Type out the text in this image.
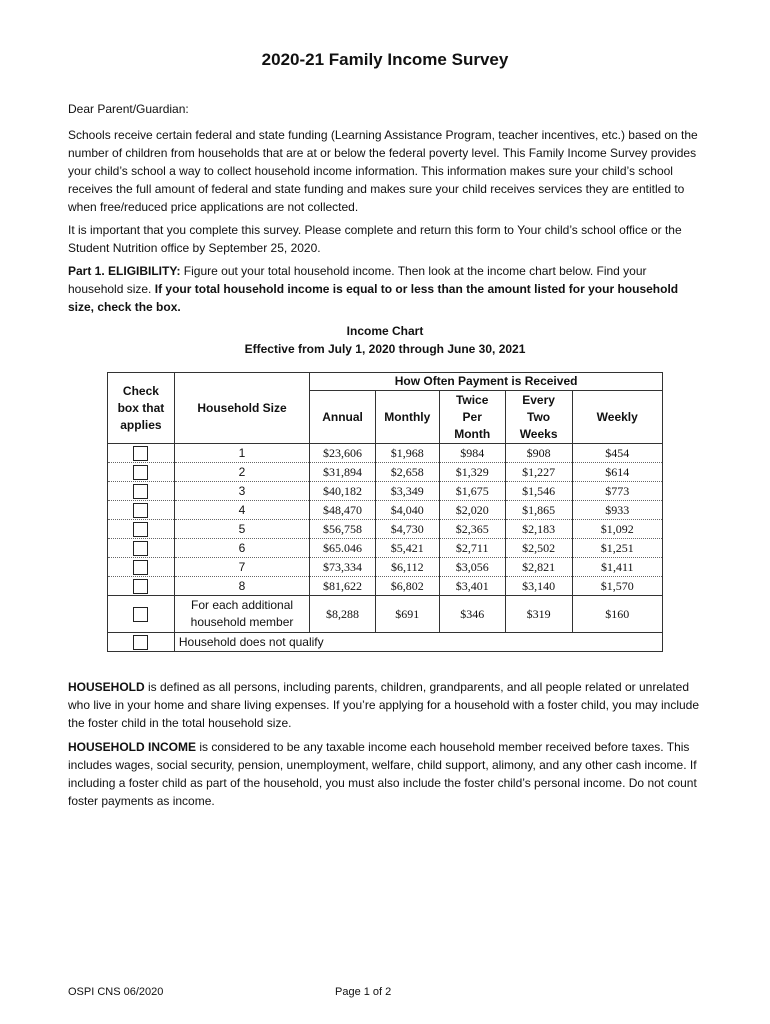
2020-21 Family Income Survey
Dear Parent/Guardian:
Schools receive certain federal and state funding (Learning Assistance Program, teacher incentives, etc.) based on the number of children from households that are at or below the federal poverty level. This Family Income Survey provides your child’s school a way to collect household income information. This information makes sure your child’s school receives the full amount of federal and state funding and makes sure your child receives services they are entitled to when free/reduced price applications are not collected.
It is important that you complete this survey. Please complete and return this form to Your child’s school office or the Student Nutrition office by September 25, 2020.
Part 1. ELIGIBILITY: Figure out your total household income. Then look at the income chart below. Find your household size. If your total household income is equal to or less than the amount listed for your household size, check the box.
Income Chart
Effective from July 1, 2020 through June 30, 2021
Check box that applies	Household Size	How Often Payment is Received				
		Annual	Monthly	Twice Per Month	Every Two Weeks	Weekly
	1	$23,606	$1,968	$984	$908	$454
	2	$31,894	$2,658	$1,329	$1,227	$614
	3	$40,182	$3,349	$1,675	$1,546	$773
	4	$48,470	$4,040	$2,020	$1,865	$933
	5	$56,758	$4,730	$2,365	$2,183	$1,092
	6	$65.046	$5,421	$2,711	$2,502	$1,251
	7	$73,334	$6,112	$3,056	$2,821	$1,411
	8	$81,622	$6,802	$3,401	$3,140	$1,570
	For each additional household member	$8,288	$691	$346	$319	$160
	Household does not qualify					
HOUSEHOLD is defined as all persons, including parents, children, grandparents, and all people related or unrelated who live in your home and share living expenses. If you’re applying for a household with a foster child, you may include the foster child in the total household size.
HOUSEHOLD INCOME is considered to be any taxable income each household member received before taxes. This includes wages, social security, pension, unemployment, welfare, child support, alimony, and any other cash income. If including a foster child as part of the household, you must also include the foster child’s personal income. Do not count foster payments as income.
OSPI CNS 06/2020	Page 1 of 2
